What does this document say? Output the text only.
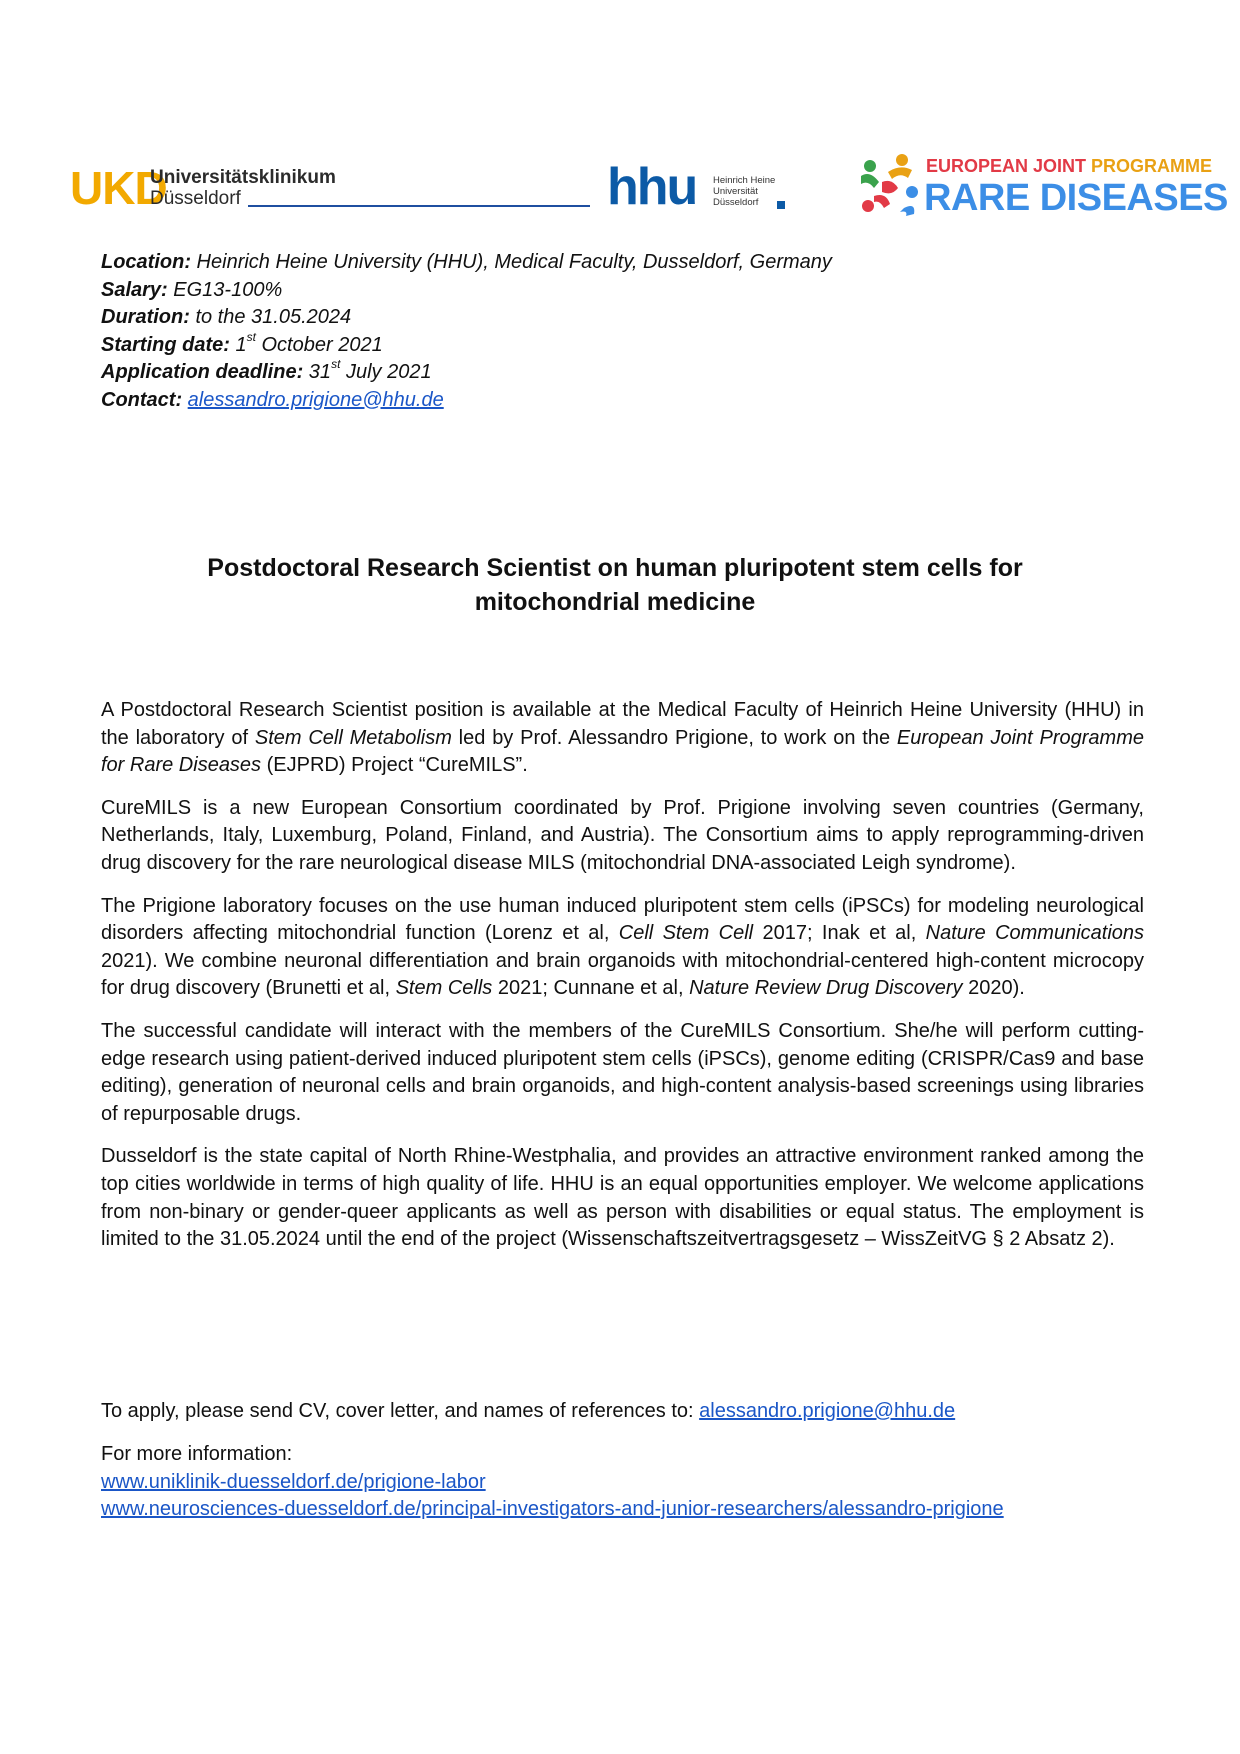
UKD
Universitätsklinikum
Düsseldorf	hhu Heinrich Heine
Universität
Düsseldorf
EUROPEAN JOINT PROGRAMME
RARE DISEASES
Location: Heinrich Heine University (HHU), Medical Faculty, Dusseldorf, Germany
Salary: EG13-100%
Duration: to the 31.05.2024
Starting date: 1st October 2021
Application deadline: 31st July 2021
Contact: alessandro.prigione@hhu.de
Postdoctoral Research Scientist on human pluripotent stem cells for
mitochondrial medicine

A Postdoctoral Research Scientist position is available at the Medical Faculty of Heinrich Heine University (HHU) in the laboratory of Stem Cell Metabolism led by Prof. Alessandro Prigione, to work on the European Joint Programme for Rare Diseases (EJPRD) Project “CureMILS”.

CureMILS is a new European Consortium coordinated by Prof. Prigione involving seven countries (Germany, Netherlands, Italy, Luxemburg, Poland, Finland, and Austria). The Consortium aims to apply reprogramming-driven drug discovery for the rare neurological disease MILS (mitochondrial DNA-associated Leigh syndrome).

The Prigione laboratory focuses on the use human induced pluripotent stem cells (iPSCs) for modeling neurological disorders affecting mitochondrial function (Lorenz et al, Cell Stem Cell 2017; Inak et al, Nature Communications 2021). We combine neuronal differentiation and brain organoids with mitochondrial-centered high-content microcopy for drug discovery (Brunetti et al, Stem Cells 2021; Cunnane et al, Nature Review Drug Discovery 2020).

The successful candidate will interact with the members of the CureMILS Consortium. She/he will perform cutting-edge research using patient-derived induced pluripotent stem cells (iPSCs), genome editing (CRISPR/Cas9 and base editing), generation of neuronal cells and brain organoids, and high-content analysis-based screenings using libraries of repurposable drugs.

Dusseldorf is the state capital of North Rhine-Westphalia, and provides an attractive environment ranked among the top cities worldwide in terms of high quality of life. HHU is an equal opportunities employer. We welcome applications from non-binary or gender-queer applicants as well as person with disabilities or equal status. The employment is limited to the 31.05.2024 until the end of the project (Wissenschaftszeitvertragsgesetz – WissZeitVG § 2 Absatz 2).

To apply, please send CV, cover letter, and names of references to: alessandro.prigione@hhu.de
For more information:
www.uniklinik-duesseldorf.de/prigione-labor
www.neurosciences-duesseldorf.de/principal-investigators-and-junior-researchers/alessandro-prigione
